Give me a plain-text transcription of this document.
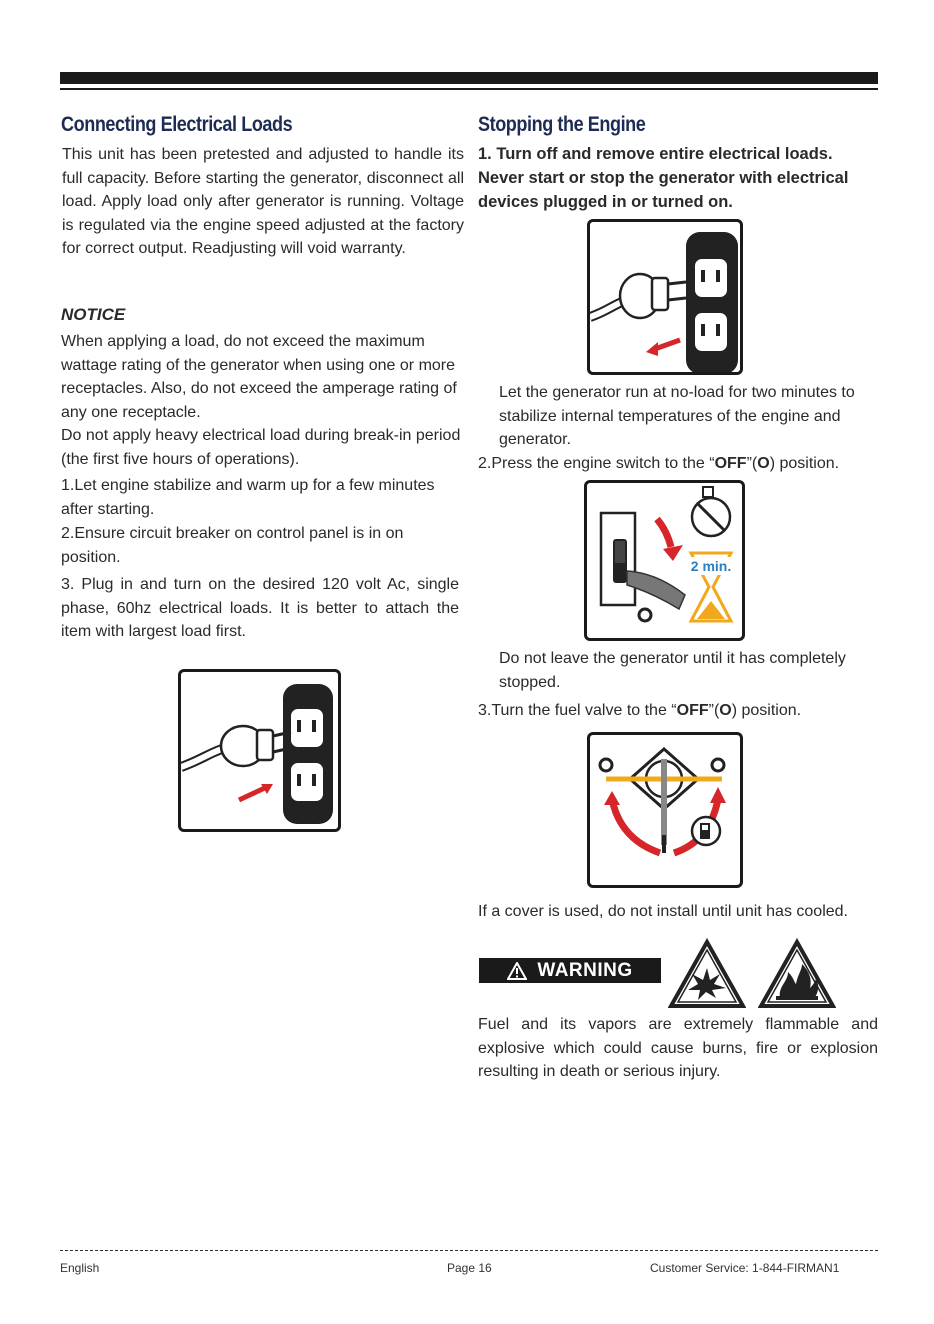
Connecting Electrical Loads

This unit has been pretested and adjusted to handle its full capacity. Before starting the generator, disconnect all load. Apply load only after generator is running. Voltage is regulated via the engine speed adjusted at the factory for correct output. Readjusting will void warranty.

NOTICE

When applying a load, do not exceed the maximum wattage rating of the generator when using one or more receptacles. Also, do not exceed the amperage rating of any one receptacle.

Do not apply heavy electrical load during break-in period (the first five hours of operations).

1.Let engine stabilize and warm up for a few minutes after starting.

2.Ensure circuit breaker on control panel is in on position.

3. Plug in and turn on the desired 120 volt Ac, single phase, 60hz electrical loads. It is better to attach the item with largest load first.

Stopping the Engine
1. Turn off and remove entire electrical loads. Never start or stop the generator with electrical devices plugged in or turned on.

Let the generator run at no-load for two minutes to stabilize internal temperatures of the engine and generator.

2.Press the engine switch to the “OFF”(O) position.
2 min.

Do not leave the generator until it has completely stopped.

3.Turn the fuel valve to the “OFF”(O) position.

If a cover is used, do not install until unit has cooled.

WARNING

Fuel and its vapors are extremely flammable and explosive which could cause burns, fire or explosion resulting in death or serious injury.

English	Page 16	Customer Service: 1-844-FIRMAN1
